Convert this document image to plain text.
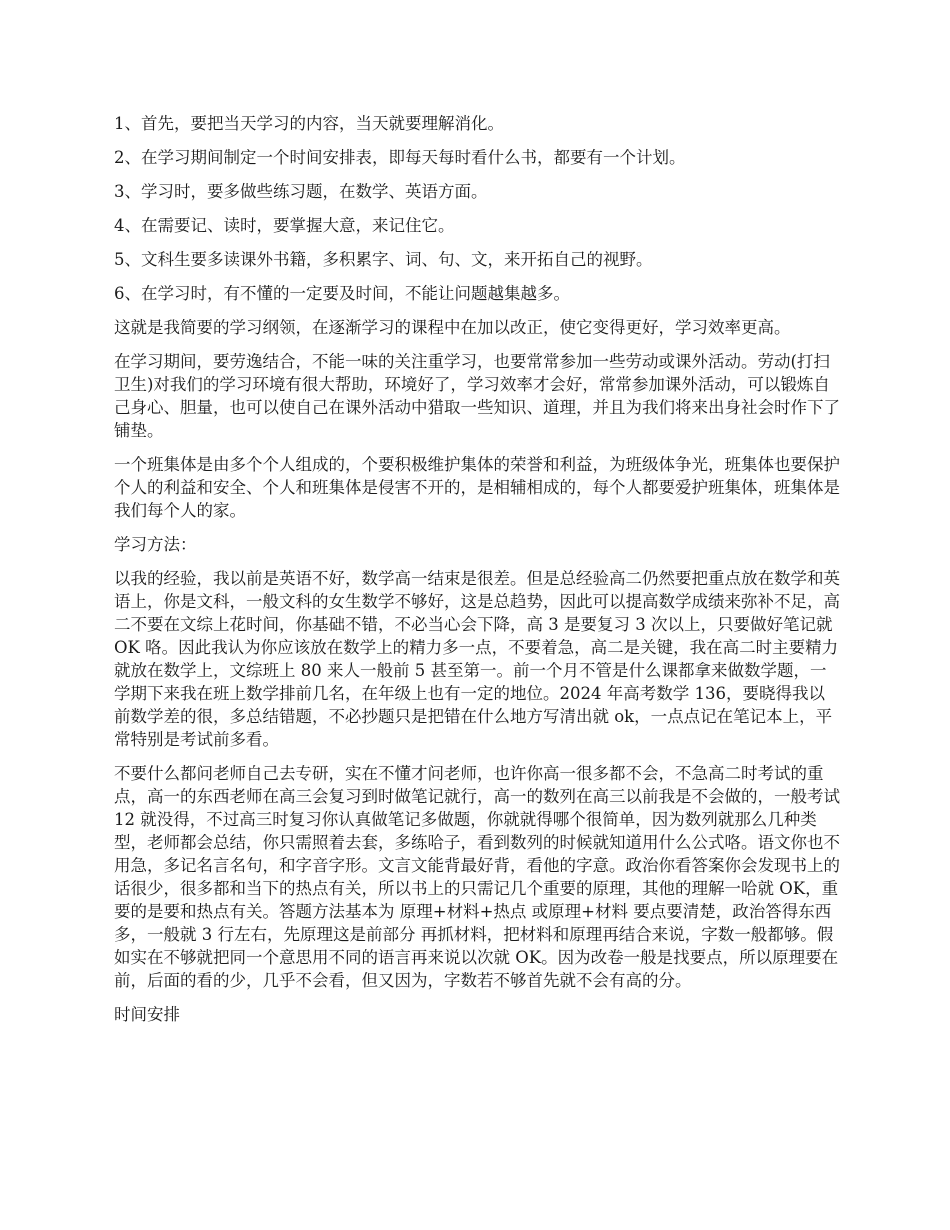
1、首先，要把当天学习的内容，当天就要理解消化。

2、在学习期间制定一个时间安排表，即每天每时看什么书，都要有一个计划。

3、学习时，要多做些练习题，在数学、英语方面。

4、在需要记、读时，要掌握大意，来记住它。

5、文科生要多读课外书籍，多积累字、词、句、文，来开拓自己的视野。

6、在学习时，有不懂的一定要及时间，不能让问题越集越多。

这就是我简要的学习纲领，在逐渐学习的课程中在加以改正，使它变得更好，学习效率更高。

在学习期间，要劳逸结合，不能一味的关注重学习，也要常常参加一些劳动或课外活动。劳动(打扫卫生)对我们的学习环境有很大帮助，环境好了，学习效率才会好，常常参加课外活动，可以锻炼自己身心、胆量，也可以使自己在课外活动中猎取一些知识、道理，并且为我们将来出身社会时作下了铺垫。

一个班集体是由多个个人组成的，个要积极维护集体的荣誉和利益，为班级体争光，班集体也要保护个人的利益和安全、个人和班集体是侵害不开的，是相辅相成的，每个人都要爱护班集体，班集体是我们每个人的家。

学习方法：

以我的经验，我以前是英语不好，数学高一结束是很差。但是总经验高二仍然要把重点放在数学和英语上，你是文科，一般文科的女生数学不够好，这是总趋势，因此可以提高数学成绩来弥补不足，高二不要在文综上花时间，你基础不错，不必当心会下降，高 3 是要复习 3 次以上，只要做好笔记就 OK 咯。因此我认为你应该放在数学上的精力多一点，不要着急，高二是关键，我在高二时主要精力就放在数学上，文综班上 80 来人一般前 5 甚至第一。前一个月不管是什么课都拿来做数学题，一学期下来我在班上数学排前几名，在年级上也有一定的地位。2024 年高考数学 136，要晓得我以前数学差的很，多总结错题，不必抄题只是把错在什么地方写清出就 ok，一点点记在笔记本上，平常特别是考试前多看。

不要什么都问老师自己去专研，实在不懂才问老师，也许你高一很多都不会，不急高二时考试的重点，高一的东西老师在高三会复习到时做笔记就行，高一的数列在高三以前我是不会做的，一般考试 12 就没得，不过高三时复习你认真做笔记多做题，你就就得哪个很简单，因为数列就那么几种类型，老师都会总结，你只需照着去套，多练哈子，看到数列的时候就知道用什么公式咯。语文你也不用急，多记名言名句，和字音字形。文言文能背最好背，看他的字意。政治你看答案你会发现书上的话很少，很多都和当下的热点有关，所以书上的只需记几个重要的原理，其他的理解一哈就 OK，重要的是要和热点有关。答题方法基本为 原理+材料+热点 或原理+材料 要点要清楚，政治答得东西多，一般就 3 行左右，先原理这是前部分 再抓材料，把材料和原理再结合来说，字数一般都够。假如实在不够就把同一个意思用不同的语言再来说以次就 OK。因为改卷一般是找要点，所以原理要在前，后面的看的少，几乎不会看，但又因为，字数若不够首先就不会有高的分。

时间安排
